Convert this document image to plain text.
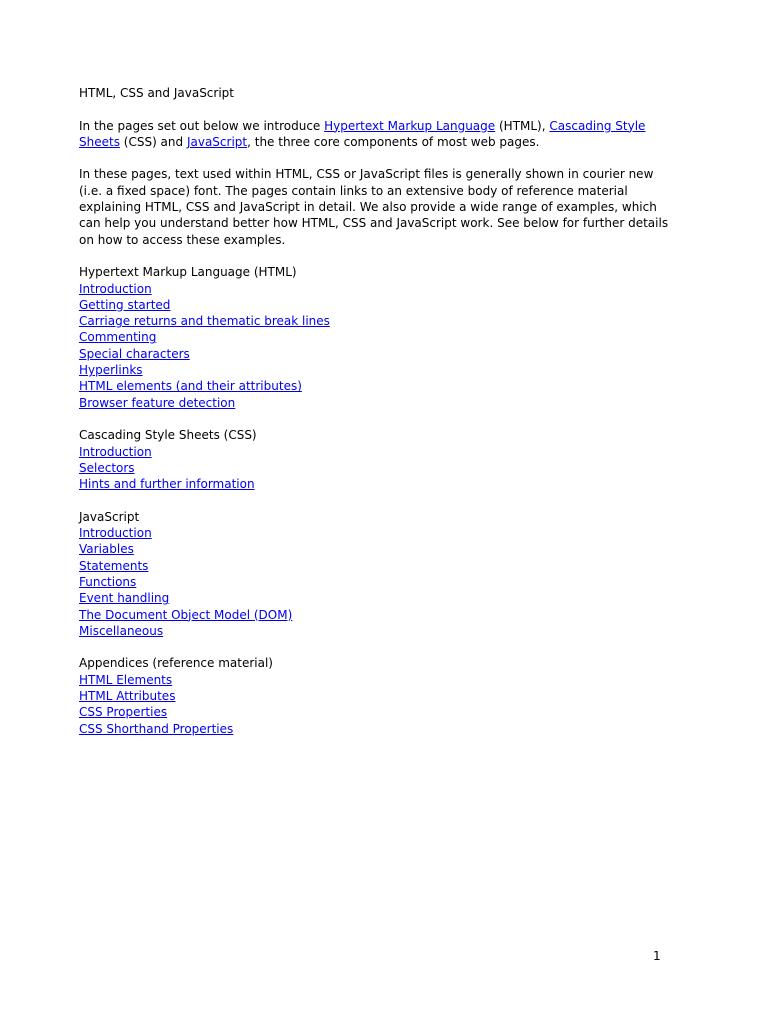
HTML, CSS and JavaScript

In the pages set out below we introduce Hypertext Markup Language (HTML), Cascading Style Sheets (CSS) and JavaScript, the three core components of most web pages.

In these pages, text used within HTML, CSS or JavaScript files is generally shown in courier new (i.e. a fixed space) font. The pages contain links to an extensive body of reference material explaining HTML, CSS and JavaScript in detail. We also provide a wide range of examples, which can help you understand better how HTML, CSS and JavaScript work. See below for further details on how to access these examples.

Hypertext Markup Language (HTML)
Introduction
Getting started
Carriage returns and thematic break lines
Commenting
Special characters
Hyperlinks
HTML elements (and their attributes)
Browser feature detection
Cascading Style Sheets (CSS)
Introduction
Selectors
Hints and further information
JavaScript
Introduction
Variables
Statements
Functions
Event handling
The Document Object Model (DOM)
Miscellaneous
Appendices (reference material)
HTML Elements
HTML Attributes
CSS Properties
CSS Shorthand Properties
1
